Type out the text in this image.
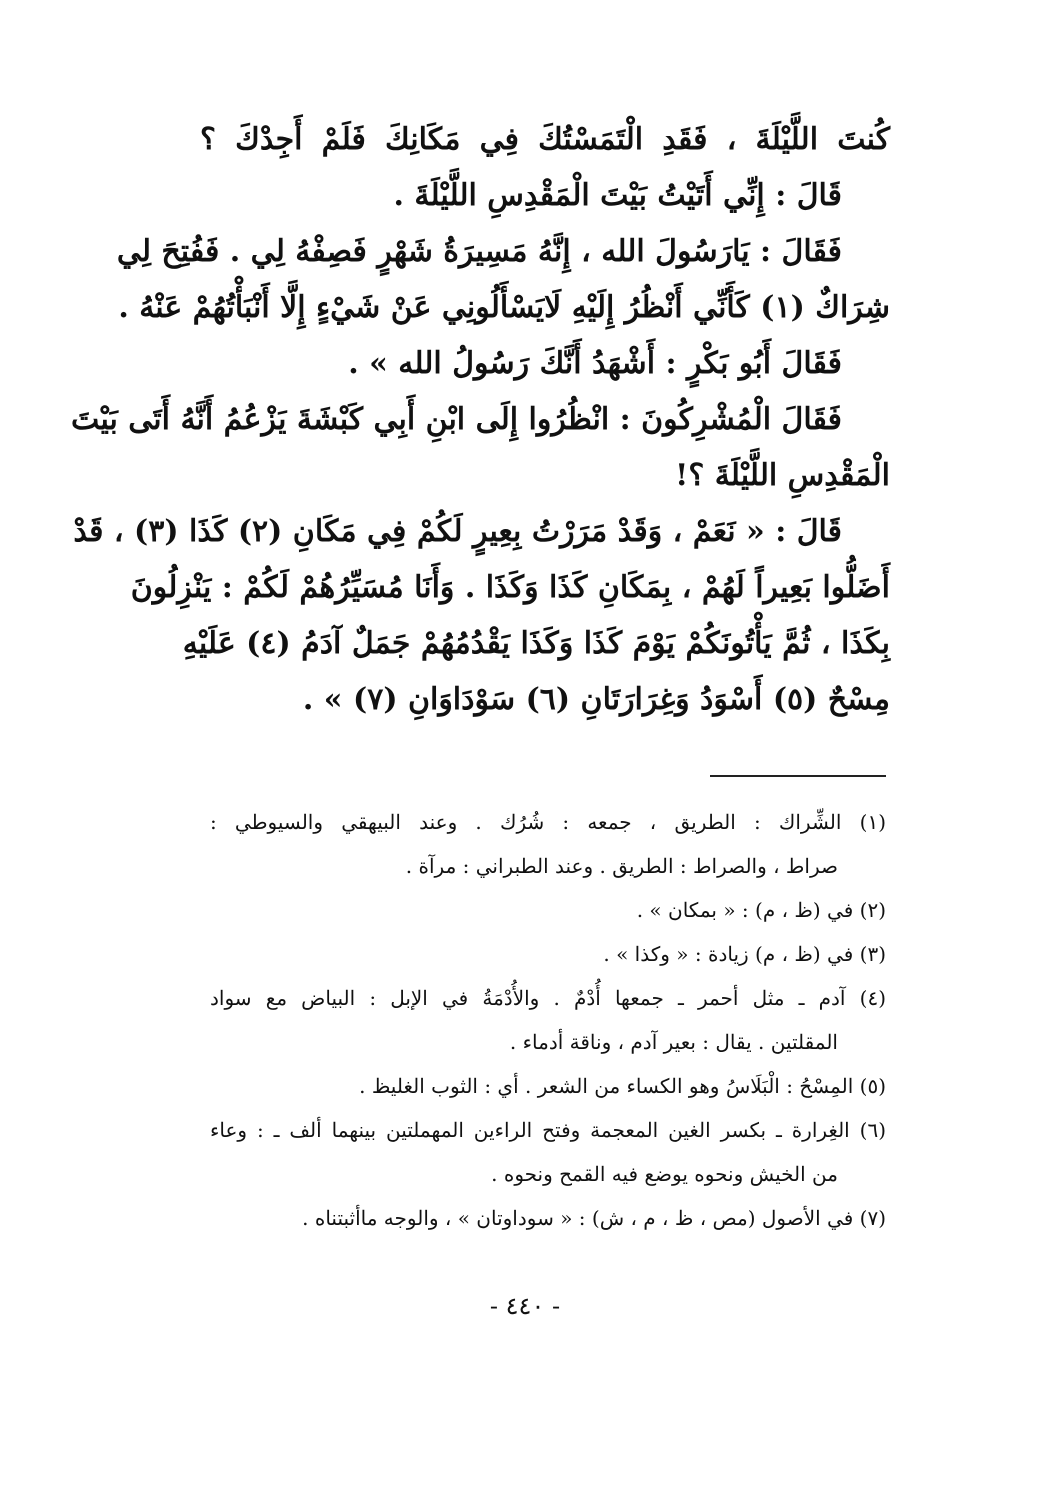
كُنتَ اللَّيْلَةَ ، فَقَدِ الْتَمَسْتُكَ فِي مَكَانِكَ فَلَمْ أَجِدْكَ ؟
قَالَ : إِنِّي أَتَيْتُ بَيْتَ الْمَقْدِسِ اللَّيْلَةَ .
فَقَالَ : يَارَسُولَ الله ، إِنَّهُ مَسِيرَةُ شَهْرٍ فَصِفْهُ لِي . فَفُتِحَ لِي
شِرَاكٌ (١) كَأَنِّي أَنْظُرُ إِلَيْهِ لَايَسْأَلُونِي عَنْ شَيْءٍ إِلَّا أَنْبَأْتُهُمْ عَنْهُ .
فَقَالَ أَبُو بَكْرٍ : أَشْهَدُ أَنَّكَ رَسُولُ الله » .
فَقَالَ الْمُشْرِكُونَ : انْظُرُوا إِلَى ابْنِ أَبِي كَبْشَةَ يَزْعُمُ أَنَّهُ أَتَى بَيْتَ
الْمَقْدِسِ اللَّيْلَةَ ؟!
قَالَ : « نَعَمْ ، وَقَدْ مَرَرْتُ بِعِيرٍ لَكُمْ فِي مَكَانِ (٢) كَذَا (٣) ، قَدْ
أَضَلُّوا بَعِيراً لَهُمْ ، بِمَكَانِ كَذَا وَكَذَا . وَأَنَا مُسَيِّرُهُمْ لَكُمْ : يَنْزِلُونَ
بِكَذَا ، ثُمَّ يَأْتُونَكُمْ يَوْمَ كَذَا وَكَذَا يَقْدُمُهُمْ جَمَلٌ آدَمُ (٤) عَلَيْهِ
مِسْحٌ (٥) أَسْوَدُ وَغِرَارَتَانِ (٦) سَوْدَاوَانِ (٧) » .
(١) الشِّراك : الطريق ، جمعه : شُرُك . وعند البيهقي والسيوطي :
صراط ، والصراط : الطريق . وعند الطبراني : مرآة .
(٢) في (ظ ، م) : « بمكان » .
(٣) في (ظ ، م) زيادة : « وكذا » .
(٤) آدم ـ مثل أحمر ـ جمعها أُدْمٌ . والأُدْمَةُ في الإبل : البياض مع سواد
المقلتين . يقال : بعير آدم ، وناقة أدماء .
(٥) المِسْحُ : الْبَلَاسُ وهو الكساء من الشعر . أي : الثوب الغليظ .
(٦) الغِرارة ـ بكسر الغين المعجمة وفتح الراءين المهملتين بينهما ألف ـ : وعاء
من الخيش ونحوه يوضع فيه القمح ونحوه .
(٧) في الأصول (مص ، ظ ، م ، ش) : « سوداوتان » ، والوجه ماأثبتناه .
- ٤٤٠ -
